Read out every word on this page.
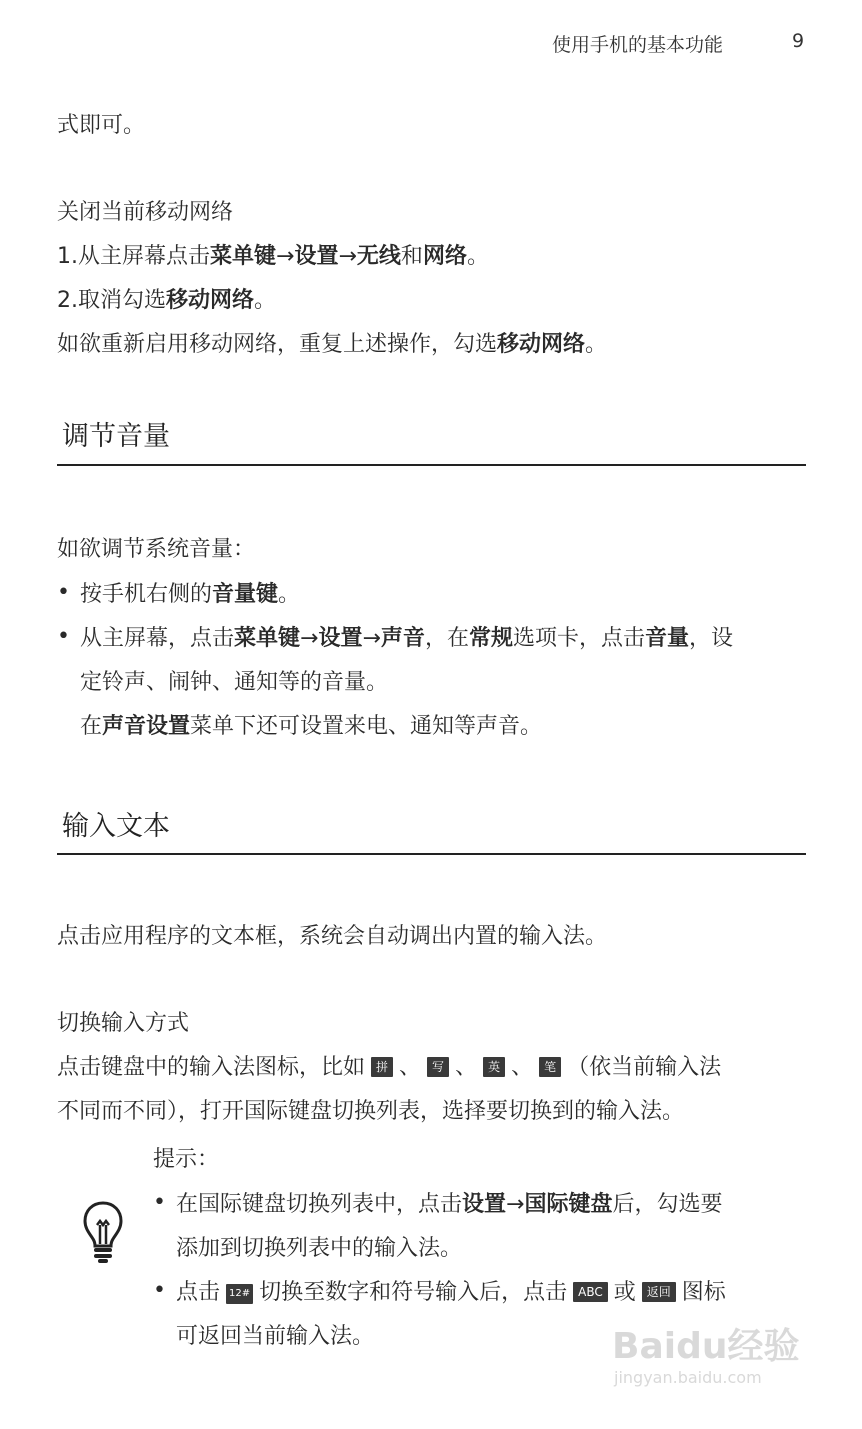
使用手机的基本功能	9
式即可。
关闭当前移动网络
1.从主屏幕点击菜单键→设置→无线和网络。
2.取消勾选移动网络。
如欲重新启用移动网络，重复上述操作，勾选移动网络。
调节音量
如欲调节系统音量：
• 按手机右侧的音量键。
• 从主屏幕，点击菜单键→设置→声音，在常规选项卡，点击音量，设
定铃声、闹钟、通知等的音量。
在声音设置菜单下还可设置来电、通知等声音。
输入文本
点击应用程序的文本框，系统会自动调出内置的输入法。
切换输入方式
点击键盘中的输入法图标，比如 拼 、 写 、 英 、 笔 （依当前输入法
不同而不同），打开国际键盘切换列表，选择要切换到的输入法。
提示：
• 在国际键盘切换列表中，点击设置→国际键盘后，勾选要
添加到切换列表中的输入法。
• 点击 12# 切换至数字和符号输入后，点击 ABC 或 返回 图标
可返回当前输入法。	Baidu经验
jingyan.baidu.com
